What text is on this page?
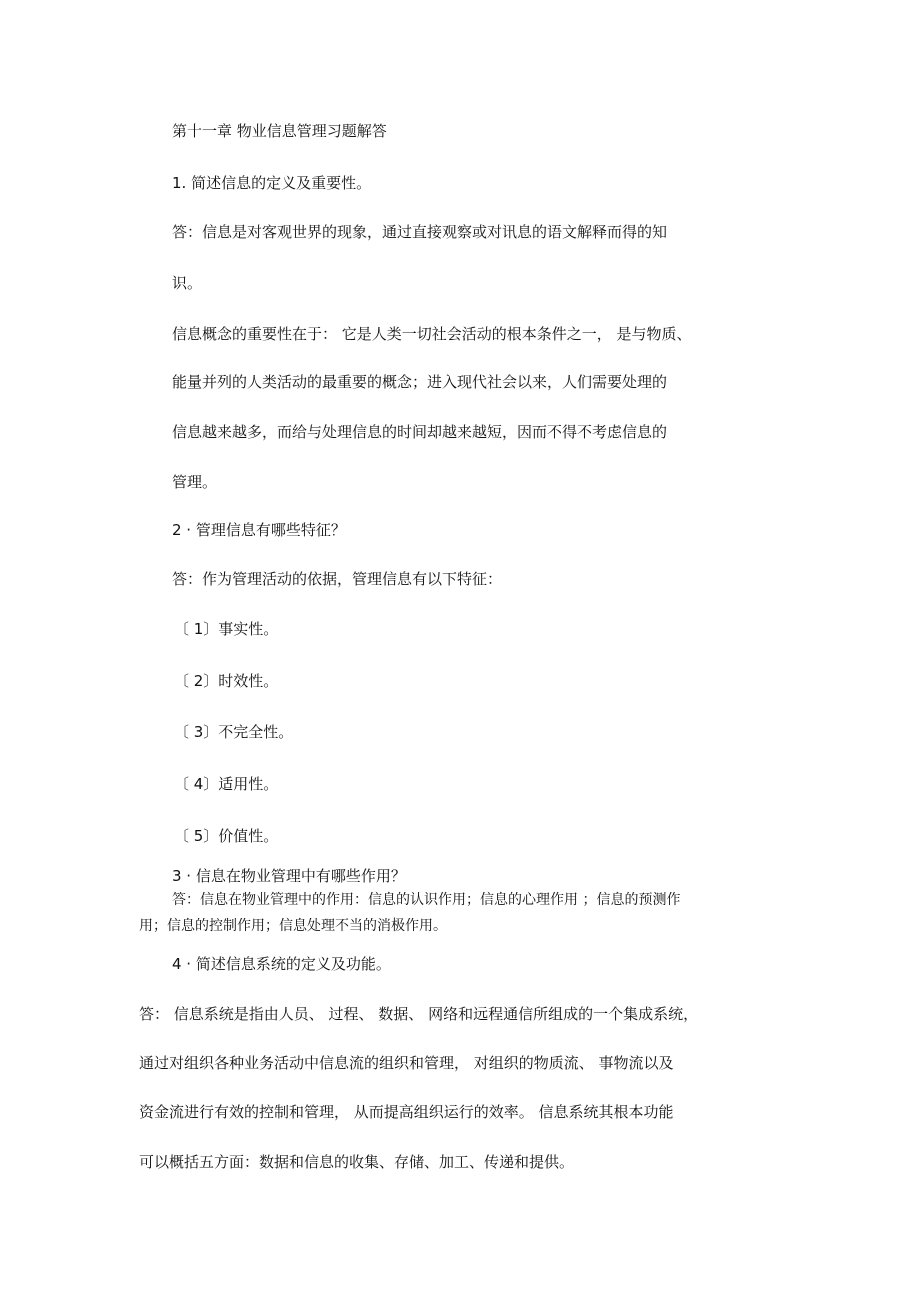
第十一章 物业信息管理习题解答
1. 简述信息的定义及重要性。
答：信息是对客观世界的现象，通过直接观察或对讯息的语文解释而得的知
识。
信息概念的重要性在于： 它是人类一切社会活动的根本条件之一， 是与物质、
能量并列的人类活动的最重要的概念；进入现代社会以来，人们需要处理的
信息越来越多，而给与处理信息的时间却越来越短，因而不得不考虑信息的
管理。
2 · 管理信息有哪些特征？
答：作为管理活动的依据，管理信息有以下特征：
〔 1〕事实性。
〔 2〕时效性。
〔 3〕不完全性。
〔 4〕适用性。
〔 5〕价值性。
3 · 信息在物业管理中有哪些作用？
答：信息在物业管理中的作用：信息的认识作用；信息的心理作用 ；信息的预测作
用；信息的控制作用；信息处理不当的消极作用。
4 · 简述信息系统的定义及功能。
答： 信息系统是指由人员、 过程、 数据、 网络和远程通信所组成的一个集成系统，
通过对组织各种业务活动中信息流的组织和管理， 对组织的物质流、 事物流以及
资金流进行有效的控制和管理， 从而提高组织运行的效率。 信息系统其根本功能
可以概括五方面：数据和信息的收集、存储、加工、传递和提供。
